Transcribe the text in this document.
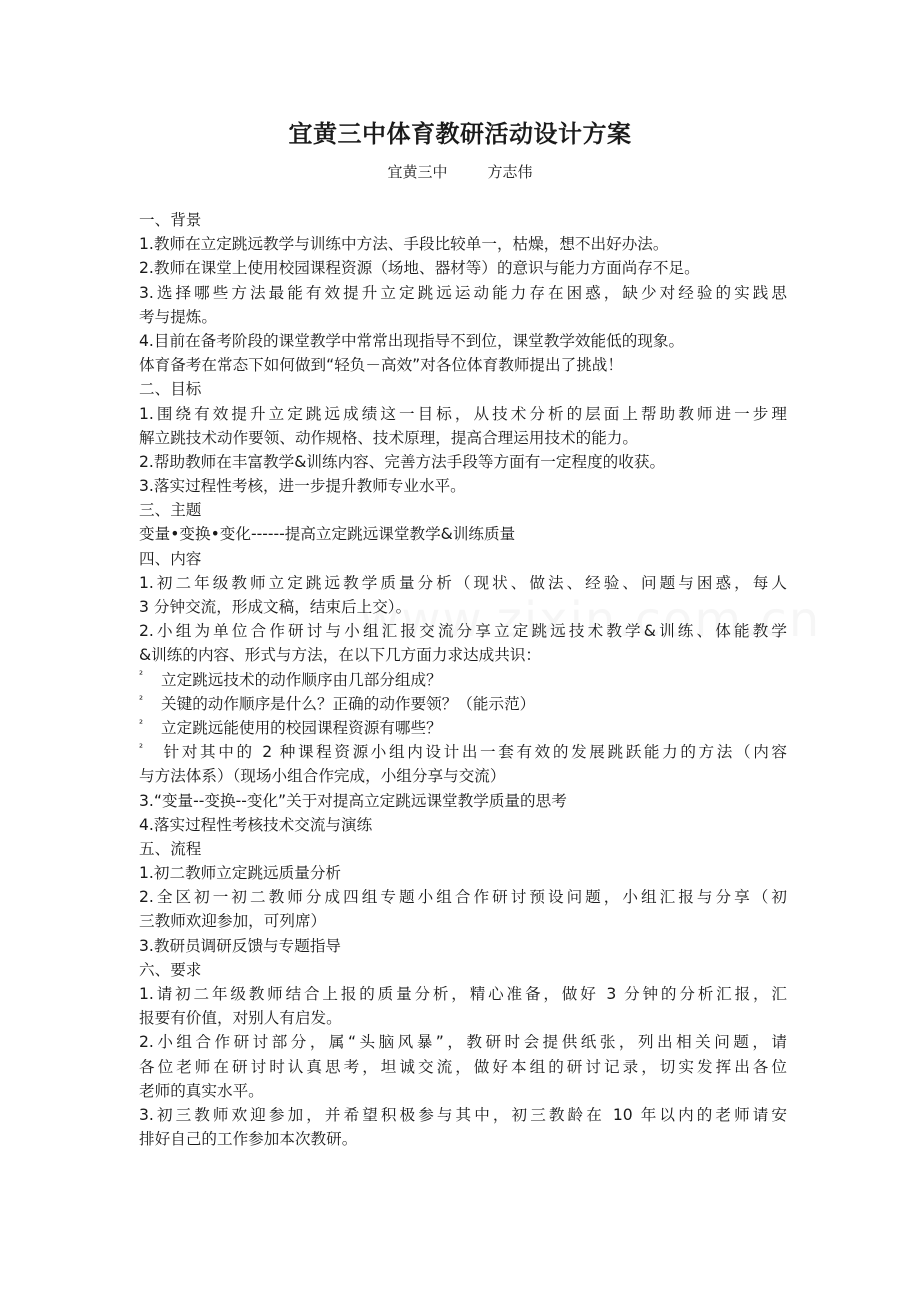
宜黄三中体育教研活动设计方案
宜黄三中	方志伟
一、背景
1.教师在立定跳远教学与训练中方法、手段比较单一，枯燥，想不出好办法。
2.教师在课堂上使用校园课程资源（场地、器材等）的意识与能力方面尚存不足。
3.选择哪些方法最能有效提升立定跳远运动能力存在困惑，缺少对经验的实践思
考与提炼。
4.目前在备考阶段的课堂教学中常常出现指导不到位，课堂教学效能低的现象。
体育备考在常态下如何做到“轻负－高效”对各位体育教师提出了挑战！
二、目标
1.围绕有效提升立定跳远成绩这一目标，从技术分析的层面上帮助教师进一步理
解立跳技术动作要领、动作规格、技术原理，提高合理运用技术的能力。
2.帮助教师在丰富教学&训练内容、完善方法手段等方面有一定程度的收获。
3.落实过程性考核，进一步提升教师专业水平。
三、主题
变量•变换•变化------提高立定跳远课堂教学&训练质量
四、内容
1.初二年级教师立定跳远教学质量分析（现状、做法、经验、问题与困惑，每人
3 分钟交流，形成文稿，结束后上交）。
2.小组为单位合作研讨与小组汇报交流分享立定跳远技术教学&训练、体能教学
&训练的内容、形式与方法，在以下几方面力求达成共识：
² 立定跳远技术的动作顺序由几部分组成？
² 关键的动作顺序是什么？正确的动作要领？（能示范）
² 立定跳远能使用的校园课程资源有哪些？
² 针对其中的 2 种课程资源小组内设计出一套有效的发展跳跃能力的方法（内容
与方法体系）（现场小组合作完成，小组分享与交流）
3.“变量--变换--变化”关于对提高立定跳远课堂教学质量的思考
4.落实过程性考核技术交流与演练
五、流程
1.初二教师立定跳远质量分析
2.全区初一初二教师分成四组专题小组合作研讨预设问题，小组汇报与分享（初
三教师欢迎参加，可列席）
3.教研员调研反馈与专题指导
六、要求
1.请初二年级教师结合上报的质量分析，精心准备，做好 3 分钟的分析汇报，汇
报要有价值，对别人有启发。
2.小组合作研讨部分，属“头脑风暴”，教研时会提供纸张，列出相关问题，请
各位老师在研讨时认真思考，坦诚交流，做好本组的研讨记录，切实发挥出各位
老师的真实水平。
3.初三教师欢迎参加，并希望积极参与其中，初三教龄在 10 年以内的老师请安
排好自己的工作参加本次教研。
